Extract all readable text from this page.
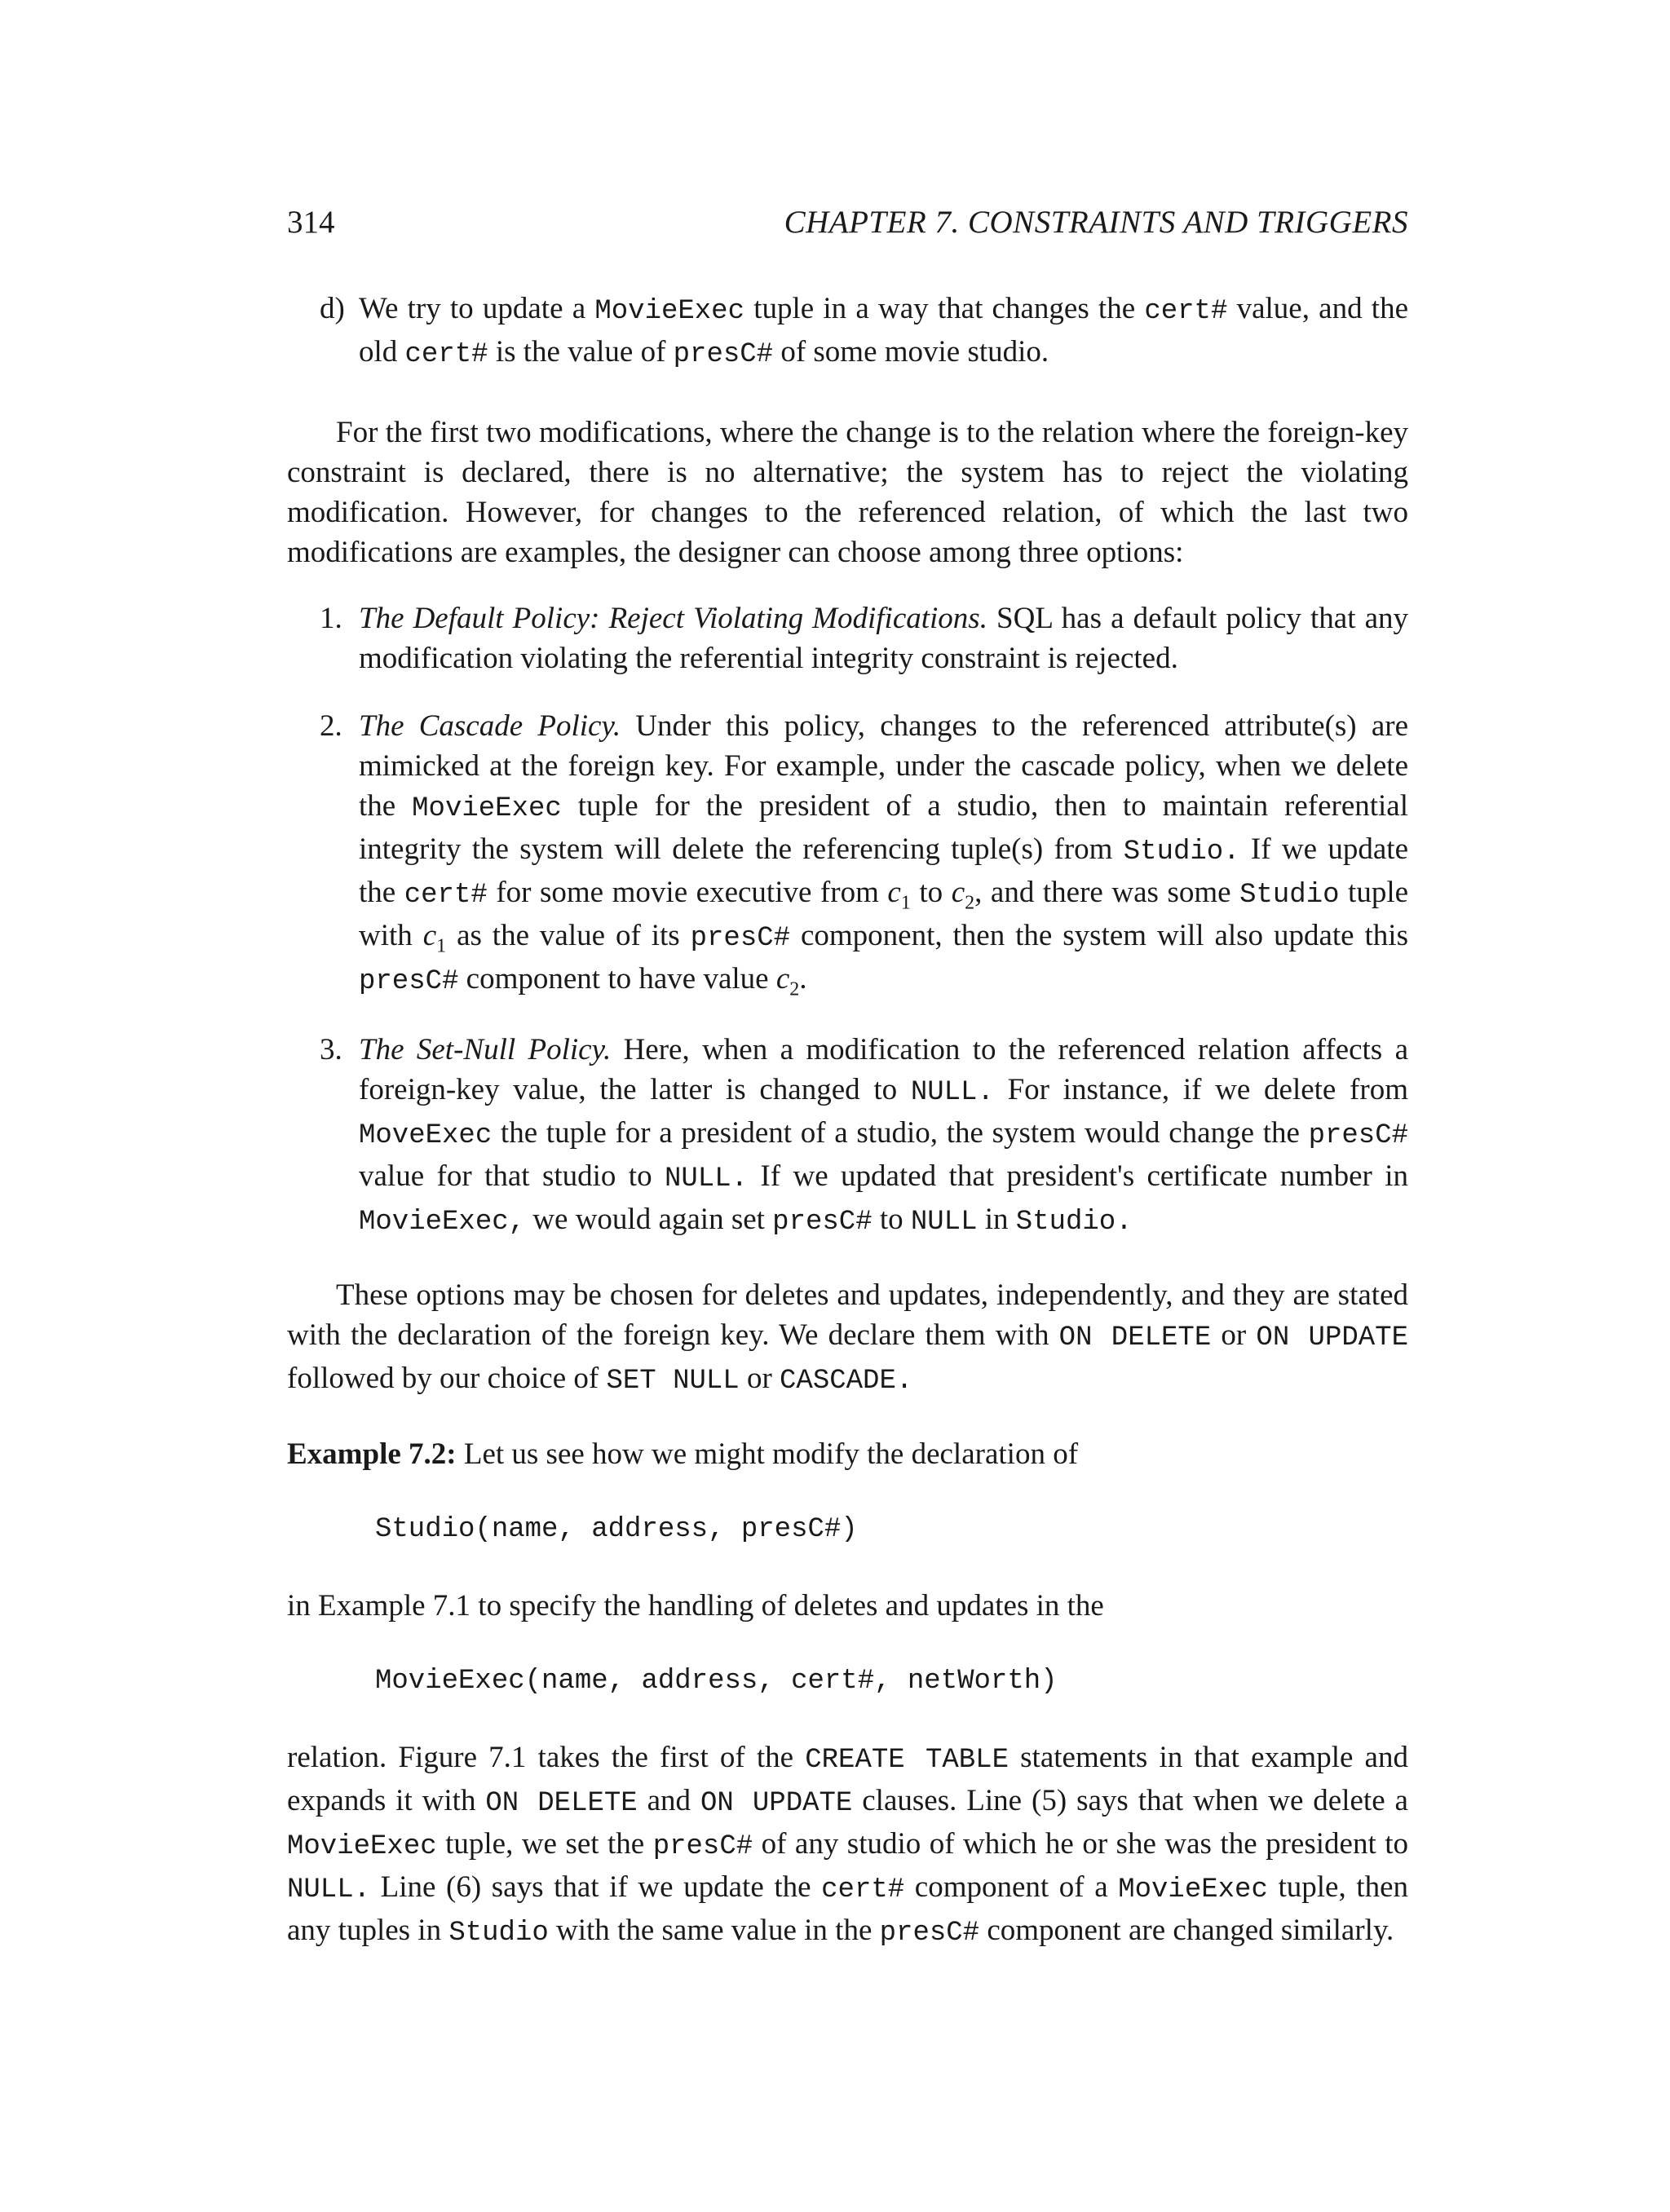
314	CHAPTER 7. CONSTRAINTS AND TRIGGERS
d) We try to update a MovieExec tuple in a way that changes the cert# value, and the old cert# is the value of presC# of some movie studio.

For the first two modifications, where the change is to the relation where the foreign-key constraint is declared, there is no alternative; the system has to reject the violating modification. However, for changes to the referenced relation, of which the last two modifications are examples, the designer can choose among three options:

1. The Default Policy: Reject Violating Modifications. SQL has a default policy that any modification violating the referential integrity constraint is rejected.
2. The Cascade Policy. Under this policy, changes to the referenced attribute(s) are mimicked at the foreign key. For example, under the cascade policy, when we delete the MovieExec tuple for the president of a studio, then to maintain referential integrity the system will delete the referencing tuple(s) from Studio. If we update the cert# for some movie executive from $c_1$ to $c_2$, and there was some Studio tuple with $c_1$ as the value of its presC# component, then the system will also update this presC# component to have value $c_2$.
3. The Set-Null Policy. Here, when a modification to the referenced relation affects a foreign-key value, the latter is changed to NULL. For instance, if we delete from MoveExec the tuple for a president of a studio, the system would change the presC# value for that studio to NULL. If we updated that president's certificate number in MovieExec, we would again set presC# to NULL in Studio.

These options may be chosen for deletes and updates, independently, and they are stated with the declaration of the foreign key. We declare them with ON DELETE or ON UPDATE followed by our choice of SET NULL or CASCADE.

Example 7.2: Let us see how we might modify the declaration of

Studio(name, address, presC#)

in Example 7.1 to specify the handling of deletes and updates in the

MovieExec(name, address, cert#, netWorth)

relation. Figure 7.1 takes the first of the CREATE TABLE statements in that example and expands it with ON DELETE and ON UPDATE clauses. Line (5) says that when we delete a MovieExec tuple, we set the presC# of any studio of which he or she was the president to NULL. Line (6) says that if we update the cert# component of a MovieExec tuple, then any tuples in Studio with the same value in the presC# component are changed similarly.
